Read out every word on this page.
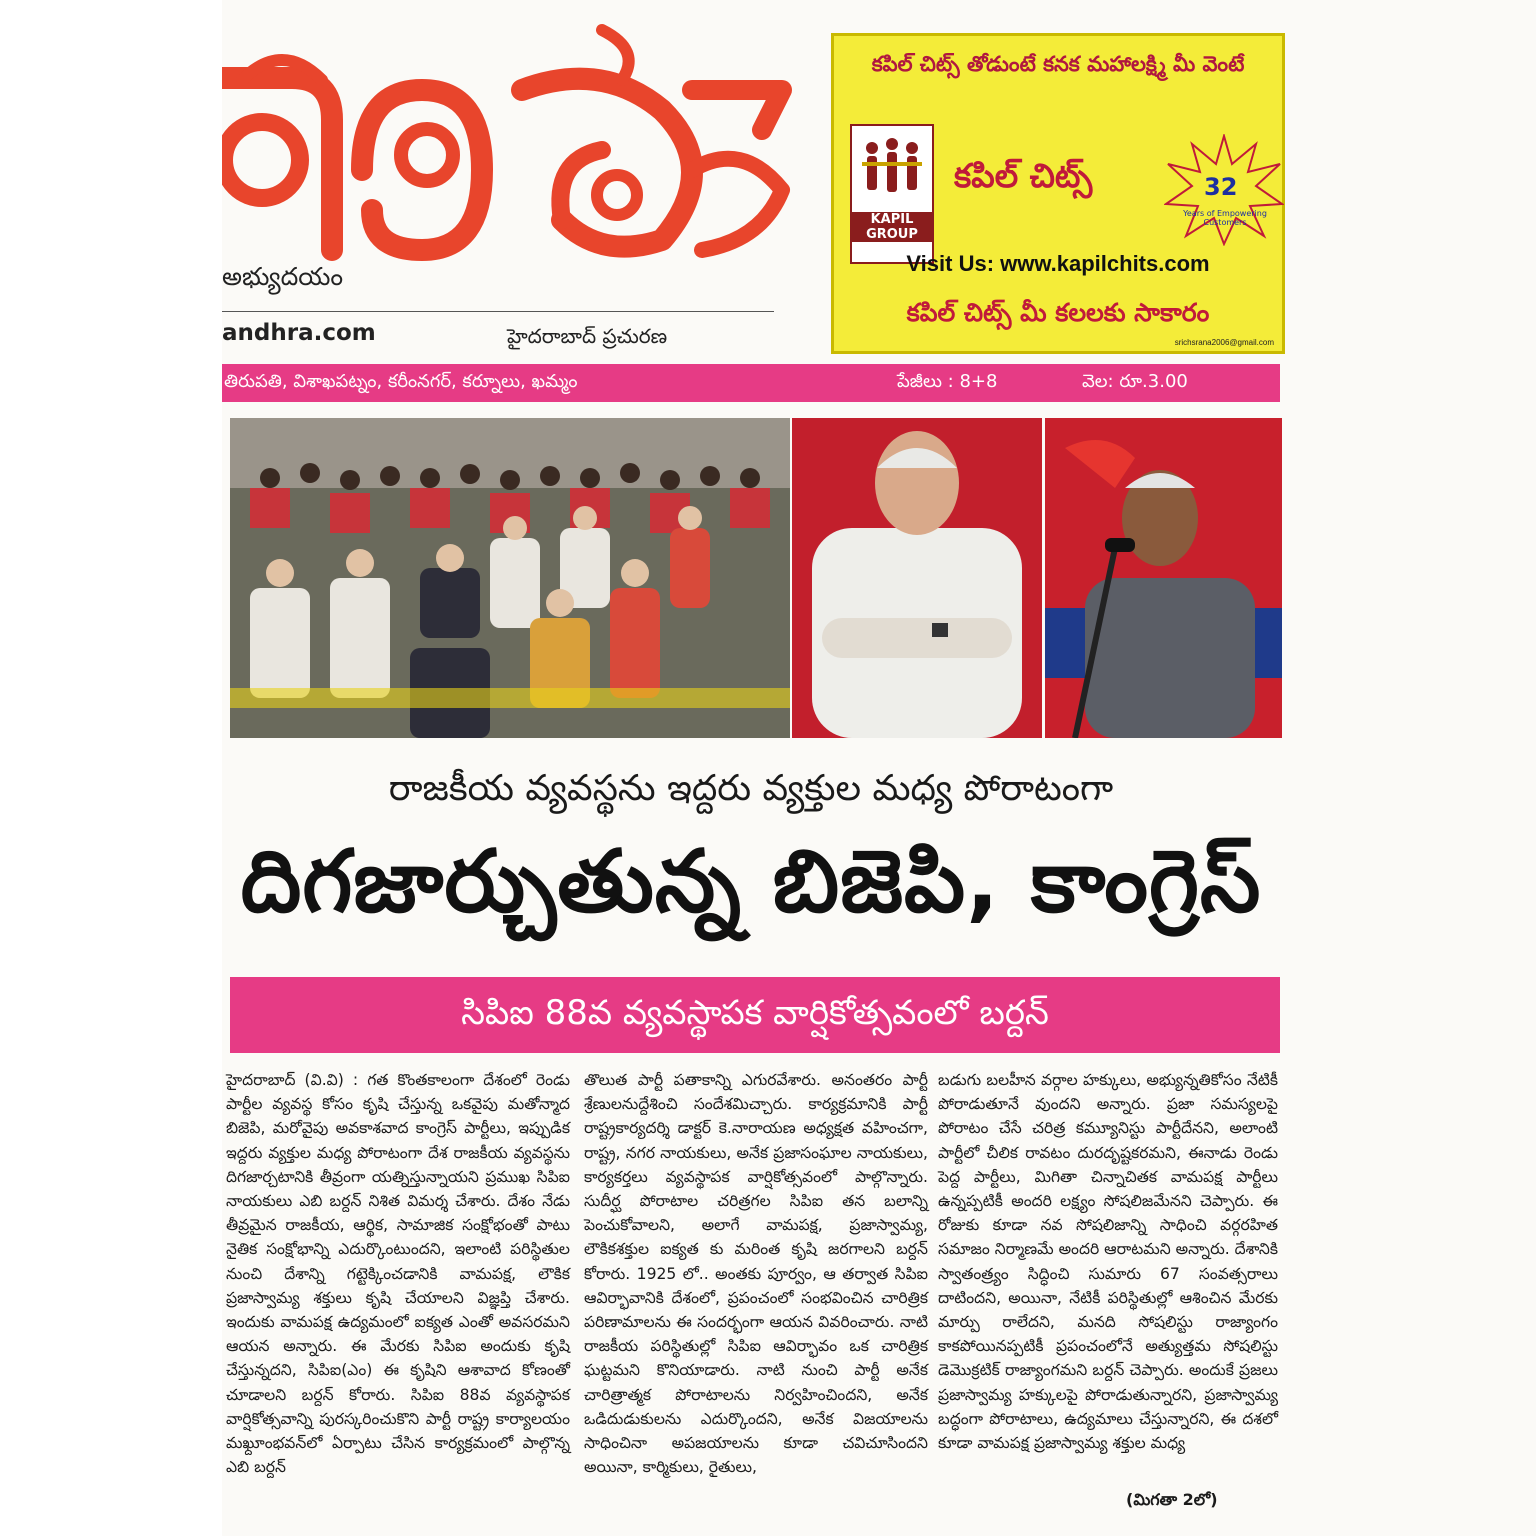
అభ్యుదయం
andhra.com	హైదరాబాద్ ప్రచురణ
కపిల్ చిట్స్ తోడుంటే కనక మహాలక్ష్మి మీ వెంటే
KAPIL GROUP
కపిల్ చిట్స్	32
Years of Empowering Customers
Visit Us: www.kapilchits.com
కపిల్ చిట్స్ మీ కలలకు సాకారం
srichsrana2006@gmail.com
తిరుపతి, విశాఖపట్నం, కరీంనగర్, కర్నూలు, ఖమ్మం	పేజీలు : 8+8	వెల: రూ.3.00
రాజకీయ వ్యవస్థను ఇద్దరు వ్యక్తుల మధ్య పోరాటంగా
దిగజార్చుతున్న బిజెపి, కాంగ్రెస్
సిపిఐ 88వ వ్యవస్థాపక వార్షికోత్సవంలో బర్దన్

హైదరాబాద్ (వి.వి) : గత కొంతకాలంగా దేశంలో రెండు పార్టీల వ్యవస్థ కోసం కృషి చేస్తున్న ఒకవైపు మతోన్మాద బిజెపి, మరోవైపు అవకాశవాద కాంగ్రెస్ పార్టీలు, ఇప్పుడిక ఇద్దరు వ్యక్తుల మధ్య పోరాటంగా దేశ రాజకీయ వ్యవస్థను దిగజార్చటానికి తీవ్రంగా యత్నిస్తున్నాయని ప్రముఖ సిపిఐ నాయకులు ఎబి బర్దన్ నిశిత విమర్శ చేశారు. దేశం నేడు తీవ్రమైన రాజకీయ, ఆర్థిక, సామాజిక సంక్షోభంతో పాటు నైతిక సంక్షోభాన్ని ఎదుర్కొంటుందని, ఇలాంటి పరిస్థితుల నుంచి దేశాన్ని గట్టెక్కించడానికి వామపక్ష, లౌకిక ప్రజాస్వామ్య శక్తులు కృషి చేయాలని విజ్ఞప్తి చేశారు. ఇందుకు వామపక్ష ఉద్యమంలో ఐక్యత ఎంతో అవసరమని ఆయన అన్నారు. ఈ మేరకు సిపిఐ అందుకు కృషి చేస్తున్నదని, సిపిఐ(ఎం) ఈ కృషిని ఆశావాద కోణంతో చూడాలని బర్దన్ కోరారు. సిపిఐ 88వ వ్యవస్థాపక వార్షికోత్సవాన్ని పురస్కరించుకొని పార్టీ రాష్ట్ర కార్యాలయం మఖ్దూంభవన్‌లో ఏర్పాటు చేసిన కార్యక్రమంలో పాల్గొన్న ఎబి బర్దన్

తొలుత పార్టీ పతాకాన్ని ఎగురవేశారు. అనంతరం పార్టీ శ్రేణులనుద్దేశించి సందేశమిచ్చారు. కార్యక్రమానికి పార్టీ రాష్ట్రకార్యదర్శి డాక్టర్ కె.నారాయణ అధ్యక్షత వహించగా, రాష్ట్ర, నగర నాయకులు, అనేక ప్రజాసంఘాల నాయకులు, కార్యకర్తలు వ్యవస్థాపక వార్షికోత్సవంలో పాల్గొన్నారు. సుదీర్ఘ పోరాటాల చరిత్రగల సిపిఐ తన బలాన్ని పెంచుకోవాలని, అలాగే వామపక్ష, ప్రజాస్వామ్య, లౌకికశక్తుల ఐక్యత కు మరింత కృషి జరగాలని బర్దన్ కోరారు. 1925 లో.. అంతకు పూర్వం, ఆ తర్వాత సిపిఐ ఆవిర్భావానికి దేశంలో, ప్రపంచంలో సంభవించిన చారిత్రిక పరిణామాలను ఈ సందర్భంగా ఆయన వివరించారు. నాటి రాజకీయ పరిస్థితుల్లో సిపిఐ ఆవిర్భావం ఒక చారిత్రిక ఘట్టమని కొనియాడారు. నాటి నుంచి పార్టీ అనేక చారిత్రాత్మక పోరాటాలను నిర్వహించిందని, అనేక ఒడిదుడుకులను ఎదుర్కొందని, అనేక విజయాలను సాధించినా అపజయాలను కూడా చవిచూసిందని అయినా, కార్మికులు, రైతులు,

బడుగు బలహీన వర్గాల హక్కులు, అభ్యున్నతికోసం నేటికీ పోరాడుతూనే వుందని అన్నారు. ప్రజా సమస్యలపై పోరాటం చేసే చరిత్ర కమ్యూనిస్టు పార్టీదేనని, అలాంటి పార్టీలో చీలిక రావటం దురదృష్టకరమని, ఈనాడు రెండు పెద్ద పార్టీలు, మిగితా చిన్నాచితక వామపక్ష పార్టీలు ఉన్నప్పటికీ అందరి లక్ష్యం సోషలిజమేనని చెప్పారు. ఈ రోజుకు కూడా నవ సోషలిజాన్ని సాధించి వర్గరహిత సమాజం నిర్మాణమే అందరి ఆరాటమని అన్నారు. దేశానికి స్వాతంత్ర్యం సిద్ధించి సుమారు 67 సంవత్సరాలు దాటిందని, అయినా, నేటికీ పరిస్థితుల్లో ఆశించిన మేరకు మార్పు రాలేదని, మనది సోషలిస్టు రాజ్యాంగం కాకపోయినప్పటికీ ప్రపంచంలోనే అత్యుత్తమ సోషలిస్టు డెమొక్రటిక్ రాజ్యాంగమని బర్దన్ చెప్పారు. అందుకే ప్రజలు ప్రజాస్వామ్య హక్కులపై పోరాడుతున్నారని, ప్రజాస్వామ్య బద్ధంగా పోరాటాలు, ఉద్యమాలు చేస్తున్నారని, ఈ దశలో కూడా వామపక్ష ప్రజాస్వామ్య శక్తుల మధ్య

(మిగతా 2లో)
